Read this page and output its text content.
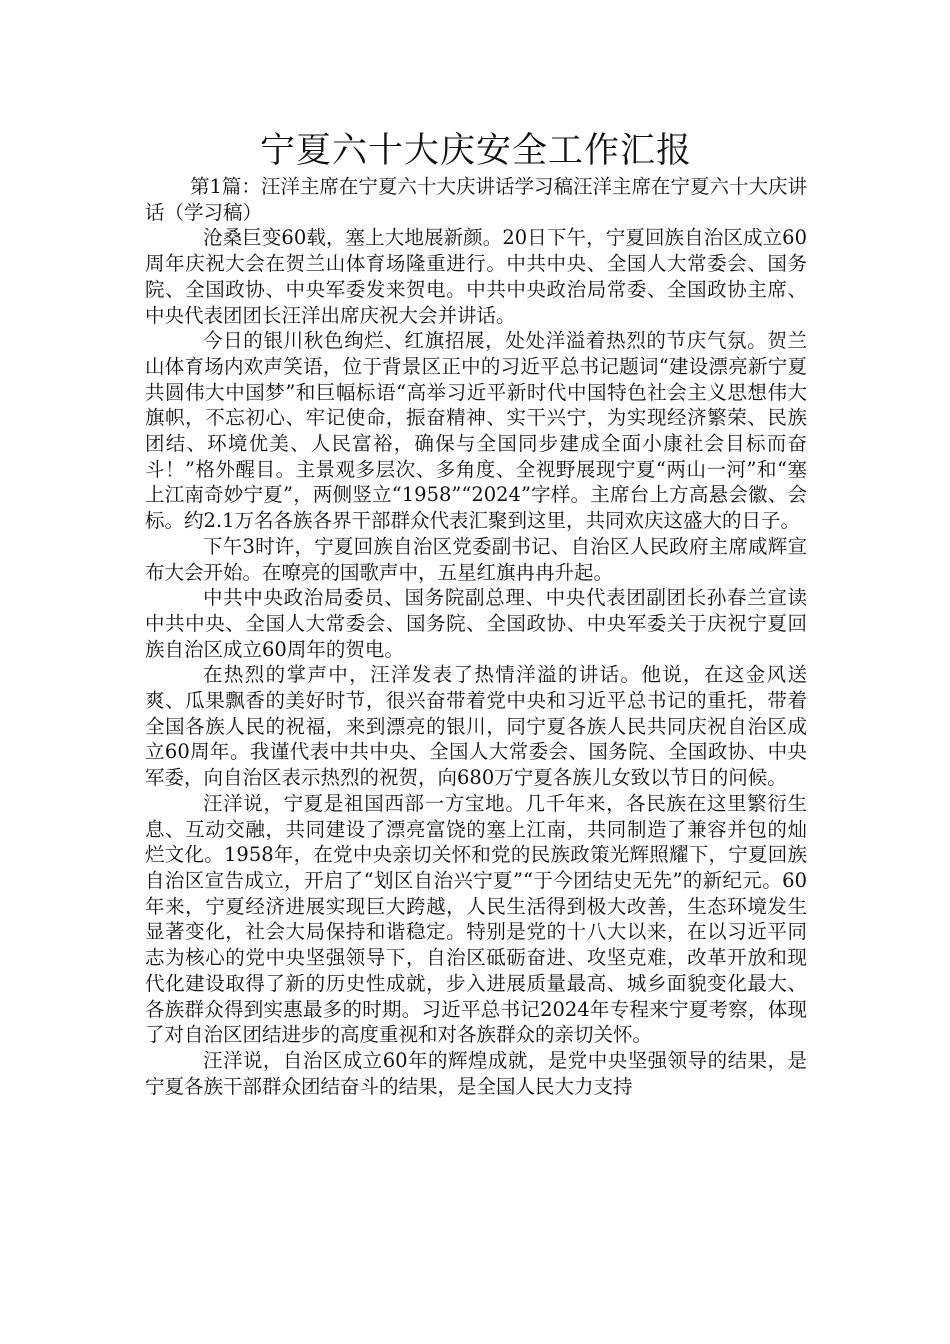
宁夏六十大庆安全工作汇报

第1篇：汪洋主席在宁夏六十大庆讲话学习稿汪洋主席在宁夏六十大庆讲话（学习稿）

沧桑巨变60载，塞上大地展新颜。20日下午，宁夏回族自治区成立60周年庆祝大会在贺兰山体育场隆重进行。中共中央、全国人大常委会、国务院、全国政协、中央军委发来贺电。中共中央政治局常委、全国政协主席、中央代表团团长汪洋出席庆祝大会并讲话。

今日的银川秋色绚烂、红旗招展，处处洋溢着热烈的节庆气氛。贺兰山体育场内欢声笑语，位于背景区正中的习近平总书记题词“建设漂亮新宁夏 共圆伟大中国梦”和巨幅标语“高举习近平新时代中国特色社会主义思想伟大旗帜，不忘初心、牢记使命，振奋精神、实干兴宁，为实现经济繁荣、民族团结、环境优美、人民富裕，确保与全国同步建成全面小康社会目标而奋斗！”格外醒目。主景观多层次、多角度、全视野展现宁夏“两山一河”和“塞上江南奇妙宁夏”，两侧竖立“1958”“2024”字样。主席台上方高悬会徽、会标。约2.1万名各族各界干部群众代表汇聚到这里，共同欢庆这盛大的日子。

下午3时许，宁夏回族自治区党委副书记、自治区人民政府主席咸辉宣布大会开始。在嘹亮的国歌声中，五星红旗冉冉升起。

中共中央政治局委员、国务院副总理、中央代表团副团长孙春兰宣读中共中央、全国人大常委会、国务院、全国政协、中央军委关于庆祝宁夏回族自治区成立60周年的贺电。

在热烈的掌声中，汪洋发表了热情洋溢的讲话。他说，在这金风送爽、瓜果飘香的美好时节，很兴奋带着党中央和习近平总书记的重托，带着全国各族人民的祝福，来到漂亮的银川，同宁夏各族人民共同庆祝自治区成立60周年。我谨代表中共中央、全国人大常委会、国务院、全国政协、中央军委，向自治区表示热烈的祝贺，向680万宁夏各族儿女致以节日的问候。

汪洋说，宁夏是祖国西部一方宝地。几千年来，各民族在这里繁衍生息、互动交融，共同建设了漂亮富饶的塞上江南，共同制造了兼容并包的灿烂文化。1958年，在党中央亲切关怀和党的民族政策光辉照耀下，宁夏回族自治区宣告成立，开启了“划区自治兴宁夏”“于今团结史无先”的新纪元。60年来，宁夏经济进展实现巨大跨越，人民生活得到极大改善，生态环境发生显著变化，社会大局保持和谐稳定。特别是党的十八大以来，在以习近平同志为核心的党中央坚强领导下，自治区砥砺奋进、攻坚克难，改革开放和现代化建设取得了新的历史性成就，步入进展质量最高、城乡面貌变化最大、各族群众得到实惠最多的时期。习近平总书记2024年专程来宁夏考察，体现了对自治区团结进步的高度重视和对各族群众的亲切关怀。

汪洋说，自治区成立60年的辉煌成就，是党中央坚强领导的结果，是宁夏各族干部群众团结奋斗的结果，是全国人民大力支持
